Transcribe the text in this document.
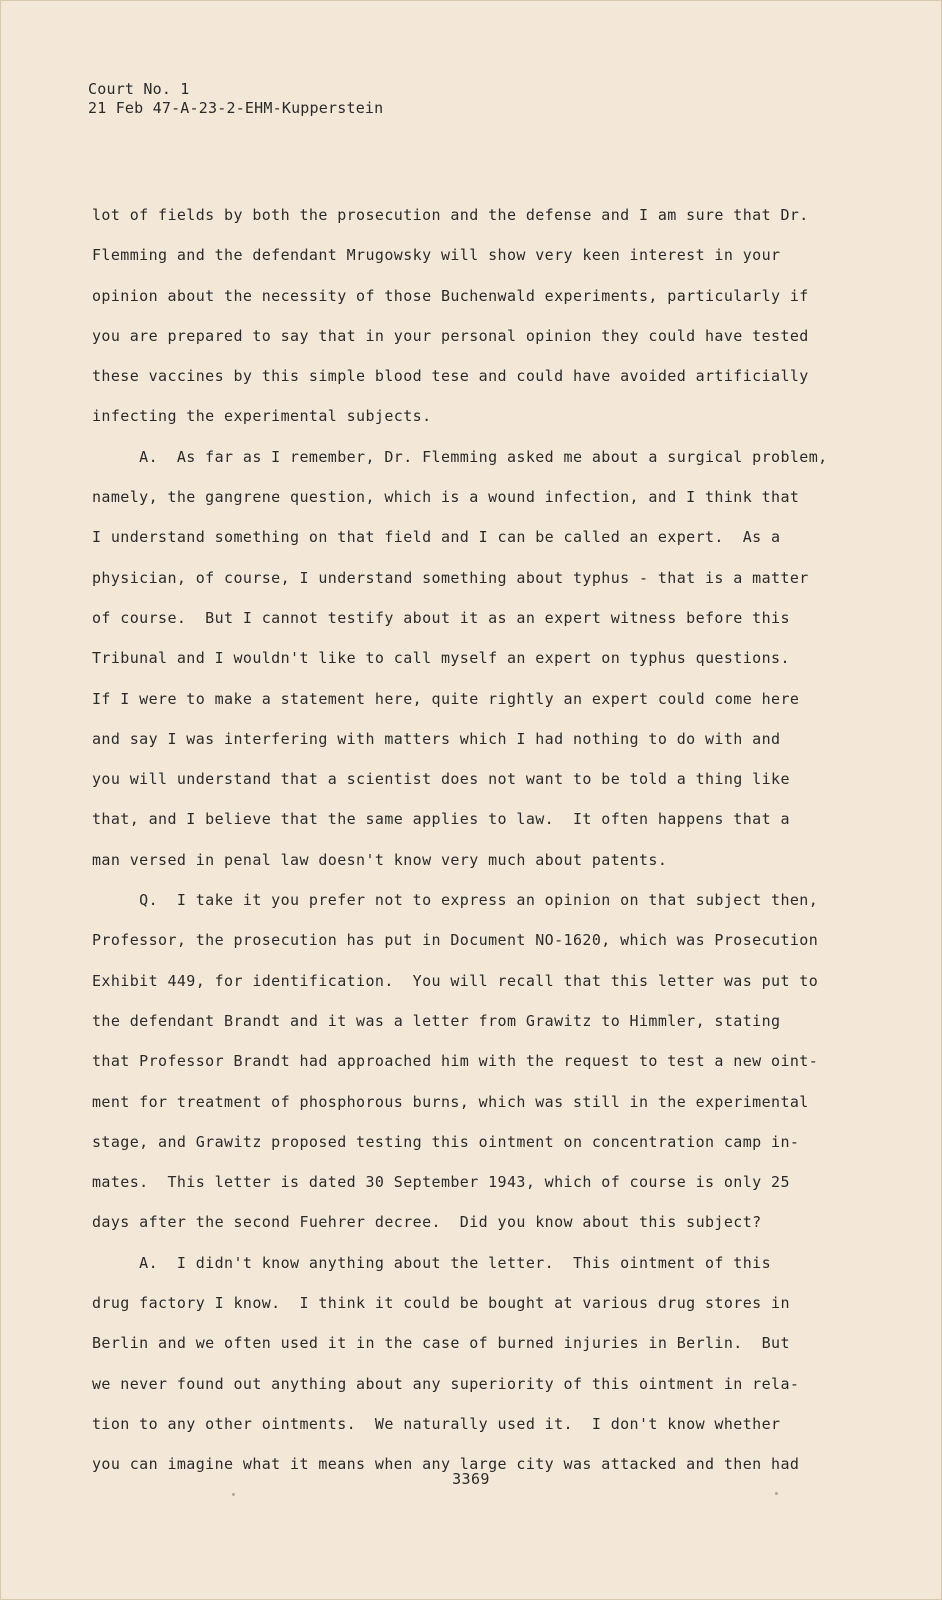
Court No. 1
21 Feb 47-A-23-2-EHM-Kupperstein
lot of fields by both the prosecution and the defense and I am sure that Dr.
Flemming and the defendant Mrugowsky will show very keen interest in your
opinion about the necessity of those Buchenwald experiments, particularly if
you are prepared to say that in your personal opinion they could have tested
these vaccines by this simple blood tese and could have avoided artificially
infecting the experimental subjects.
A.  As far as I remember, Dr. Flemming asked me about a surgical problem,
namely, the gangrene question, which is a wound infection, and I think that
I understand something on that field and I can be called an expert.  As a
physician, of course, I understand something about typhus - that is a matter
of course.  But I cannot testify about it as an expert witness before this
Tribunal and I wouldn't like to call myself an expert on typhus questions.
If I were to make a statement here, quite rightly an expert could come here
and say I was interfering with matters which I had nothing to do with and
you will understand that a scientist does not want to be told a thing like
that, and I believe that the same applies to law.  It often happens that a
man versed in penal law doesn't know very much about patents.
Q.  I take it you prefer not to express an opinion on that subject then,
Professor, the prosecution has put in Document NO-1620, which was Prosecution
Exhibit 449, for identification.  You will recall that this letter was put to
the defendant Brandt and it was a letter from Grawitz to Himmler, stating
that Professor Brandt had approached him with the request to test a new oint-
ment for treatment of phosphorous burns, which was still in the experimental
stage, and Grawitz proposed testing this ointment on concentration camp in-
mates.  This letter is dated 30 September 1943, which of course is only 25
days after the second Fuehrer decree.  Did you know about this subject?
A.  I didn't know anything about the letter.  This ointment of this
drug factory I know.  I think it could be bought at various drug stores in
Berlin and we often used it in the case of burned injuries in Berlin.  But
we never found out anything about any superiority of this ointment in rela-
tion to any other ointments.  We naturally used it.  I don't know whether
you can imagine what it means when any large city was attacked and then had
3369
